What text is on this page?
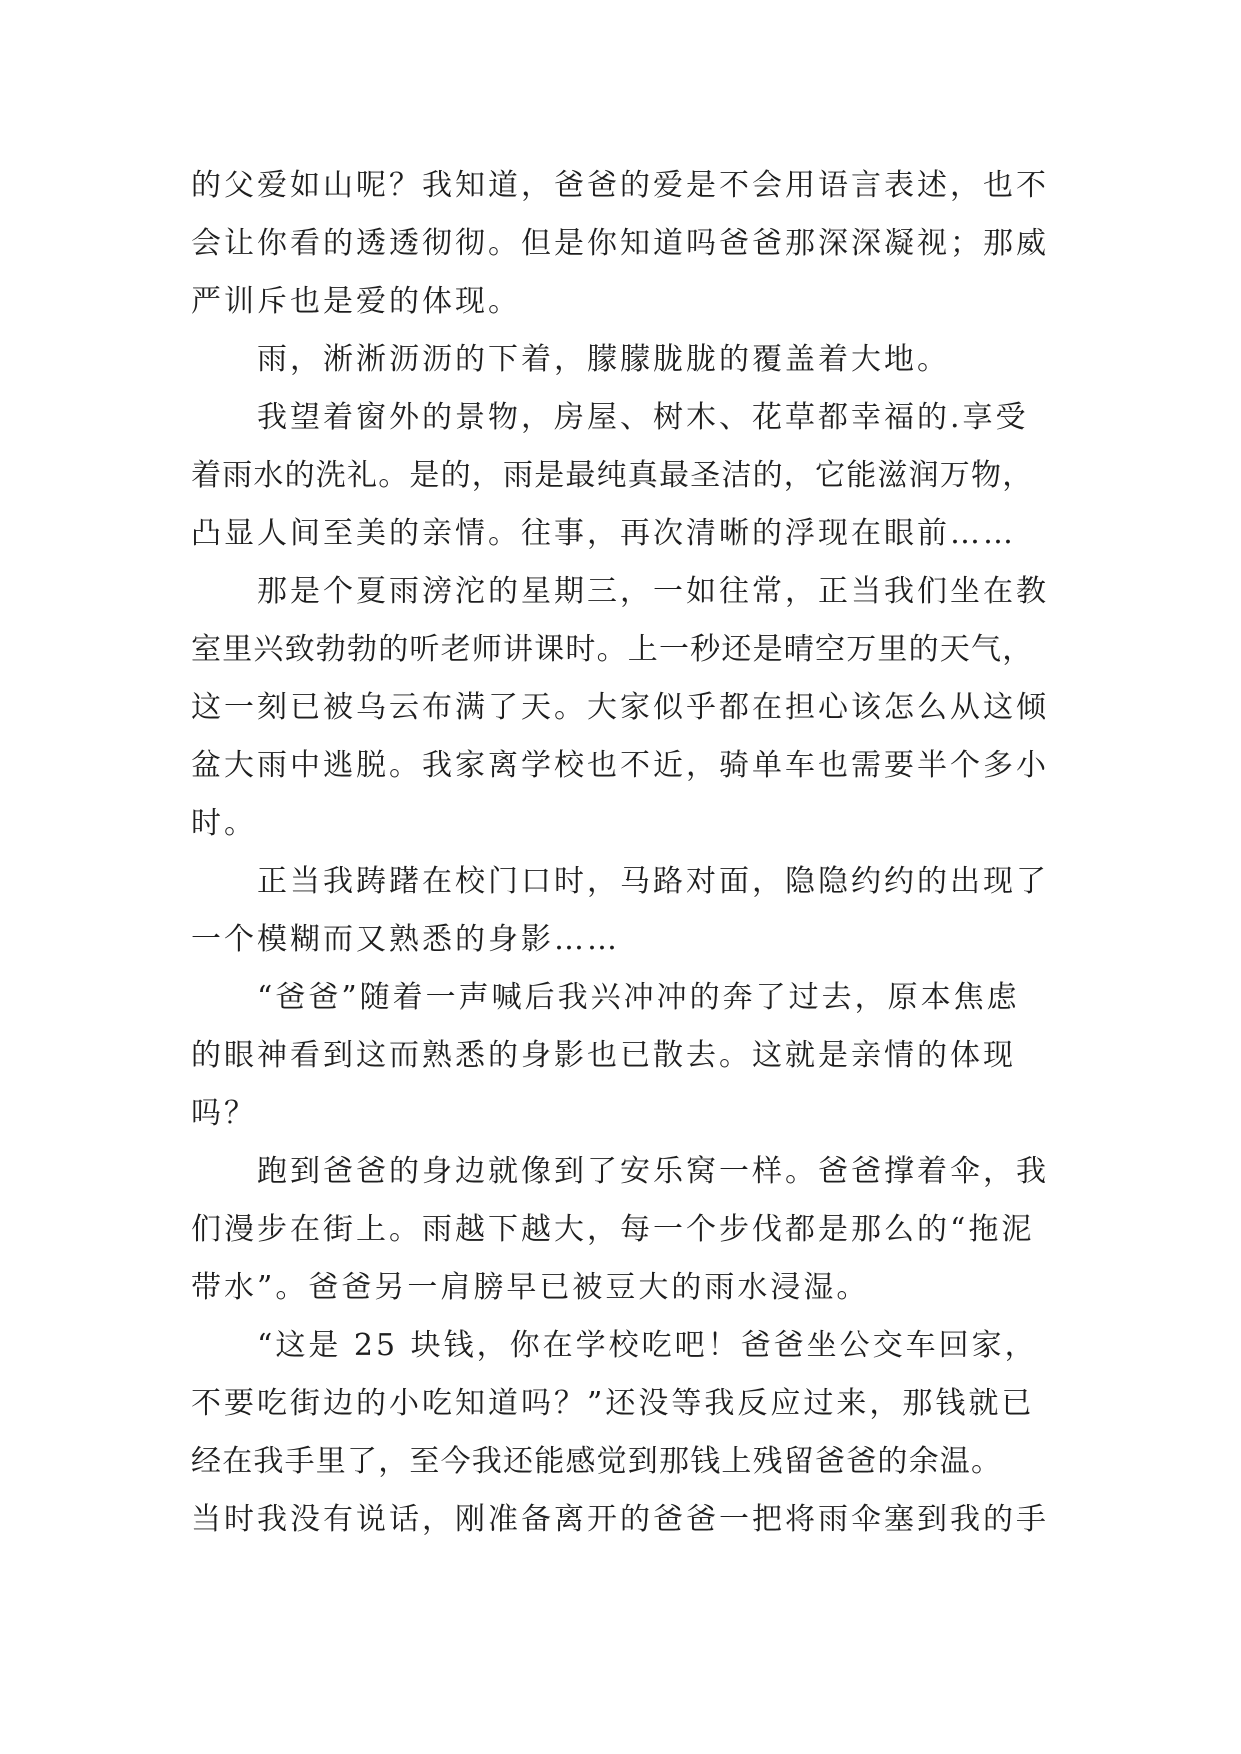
的父爱如山呢？我知道，爸爸的爱是不会用语言表述，也不
会让你看的透透彻彻。但是你知道吗爸爸那深深凝视；那威
严训斥也是爱的体现。
雨，淅淅沥沥的下着，朦朦胧胧的覆盖着大地。
我望着窗外的景物，房屋、树木、花草都幸福的.享受
着雨水的洗礼。是的，雨是最纯真最圣洁的，它能滋润万物，
凸显人间至美的亲情。往事，再次清晰的浮现在眼前……
那是个夏雨滂沱的星期三，一如往常，正当我们坐在教
室里兴致勃勃的听老师讲课时。上一秒还是晴空万里的天气，
这一刻已被乌云布满了天。大家似乎都在担心该怎么从这倾
盆大雨中逃脱。我家离学校也不近，骑单车也需要半个多小
时。
正当我踌躇在校门口时，马路对面，隐隐约约的出现了
一个模糊而又熟悉的身影……
“爸爸”随着一声喊后我兴冲冲的奔了过去，原本焦虑
的眼神看到这而熟悉的身影也已散去。这就是亲情的体现
吗？
跑到爸爸的身边就像到了安乐窝一样。爸爸撑着伞，我
们漫步在街上。雨越下越大，每一个步伐都是那么的“拖泥
带水”。爸爸另一肩膀早已被豆大的雨水浸湿。
“这是 25 块钱，你在学校吃吧！爸爸坐公交车回家，
不要吃街边的小吃知道吗？”还没等我反应过来，那钱就已
经在我手里了，至今我还能感觉到那钱上残留爸爸的余温。
当时我没有说话，刚准备离开的爸爸一把将雨伞塞到我的手
